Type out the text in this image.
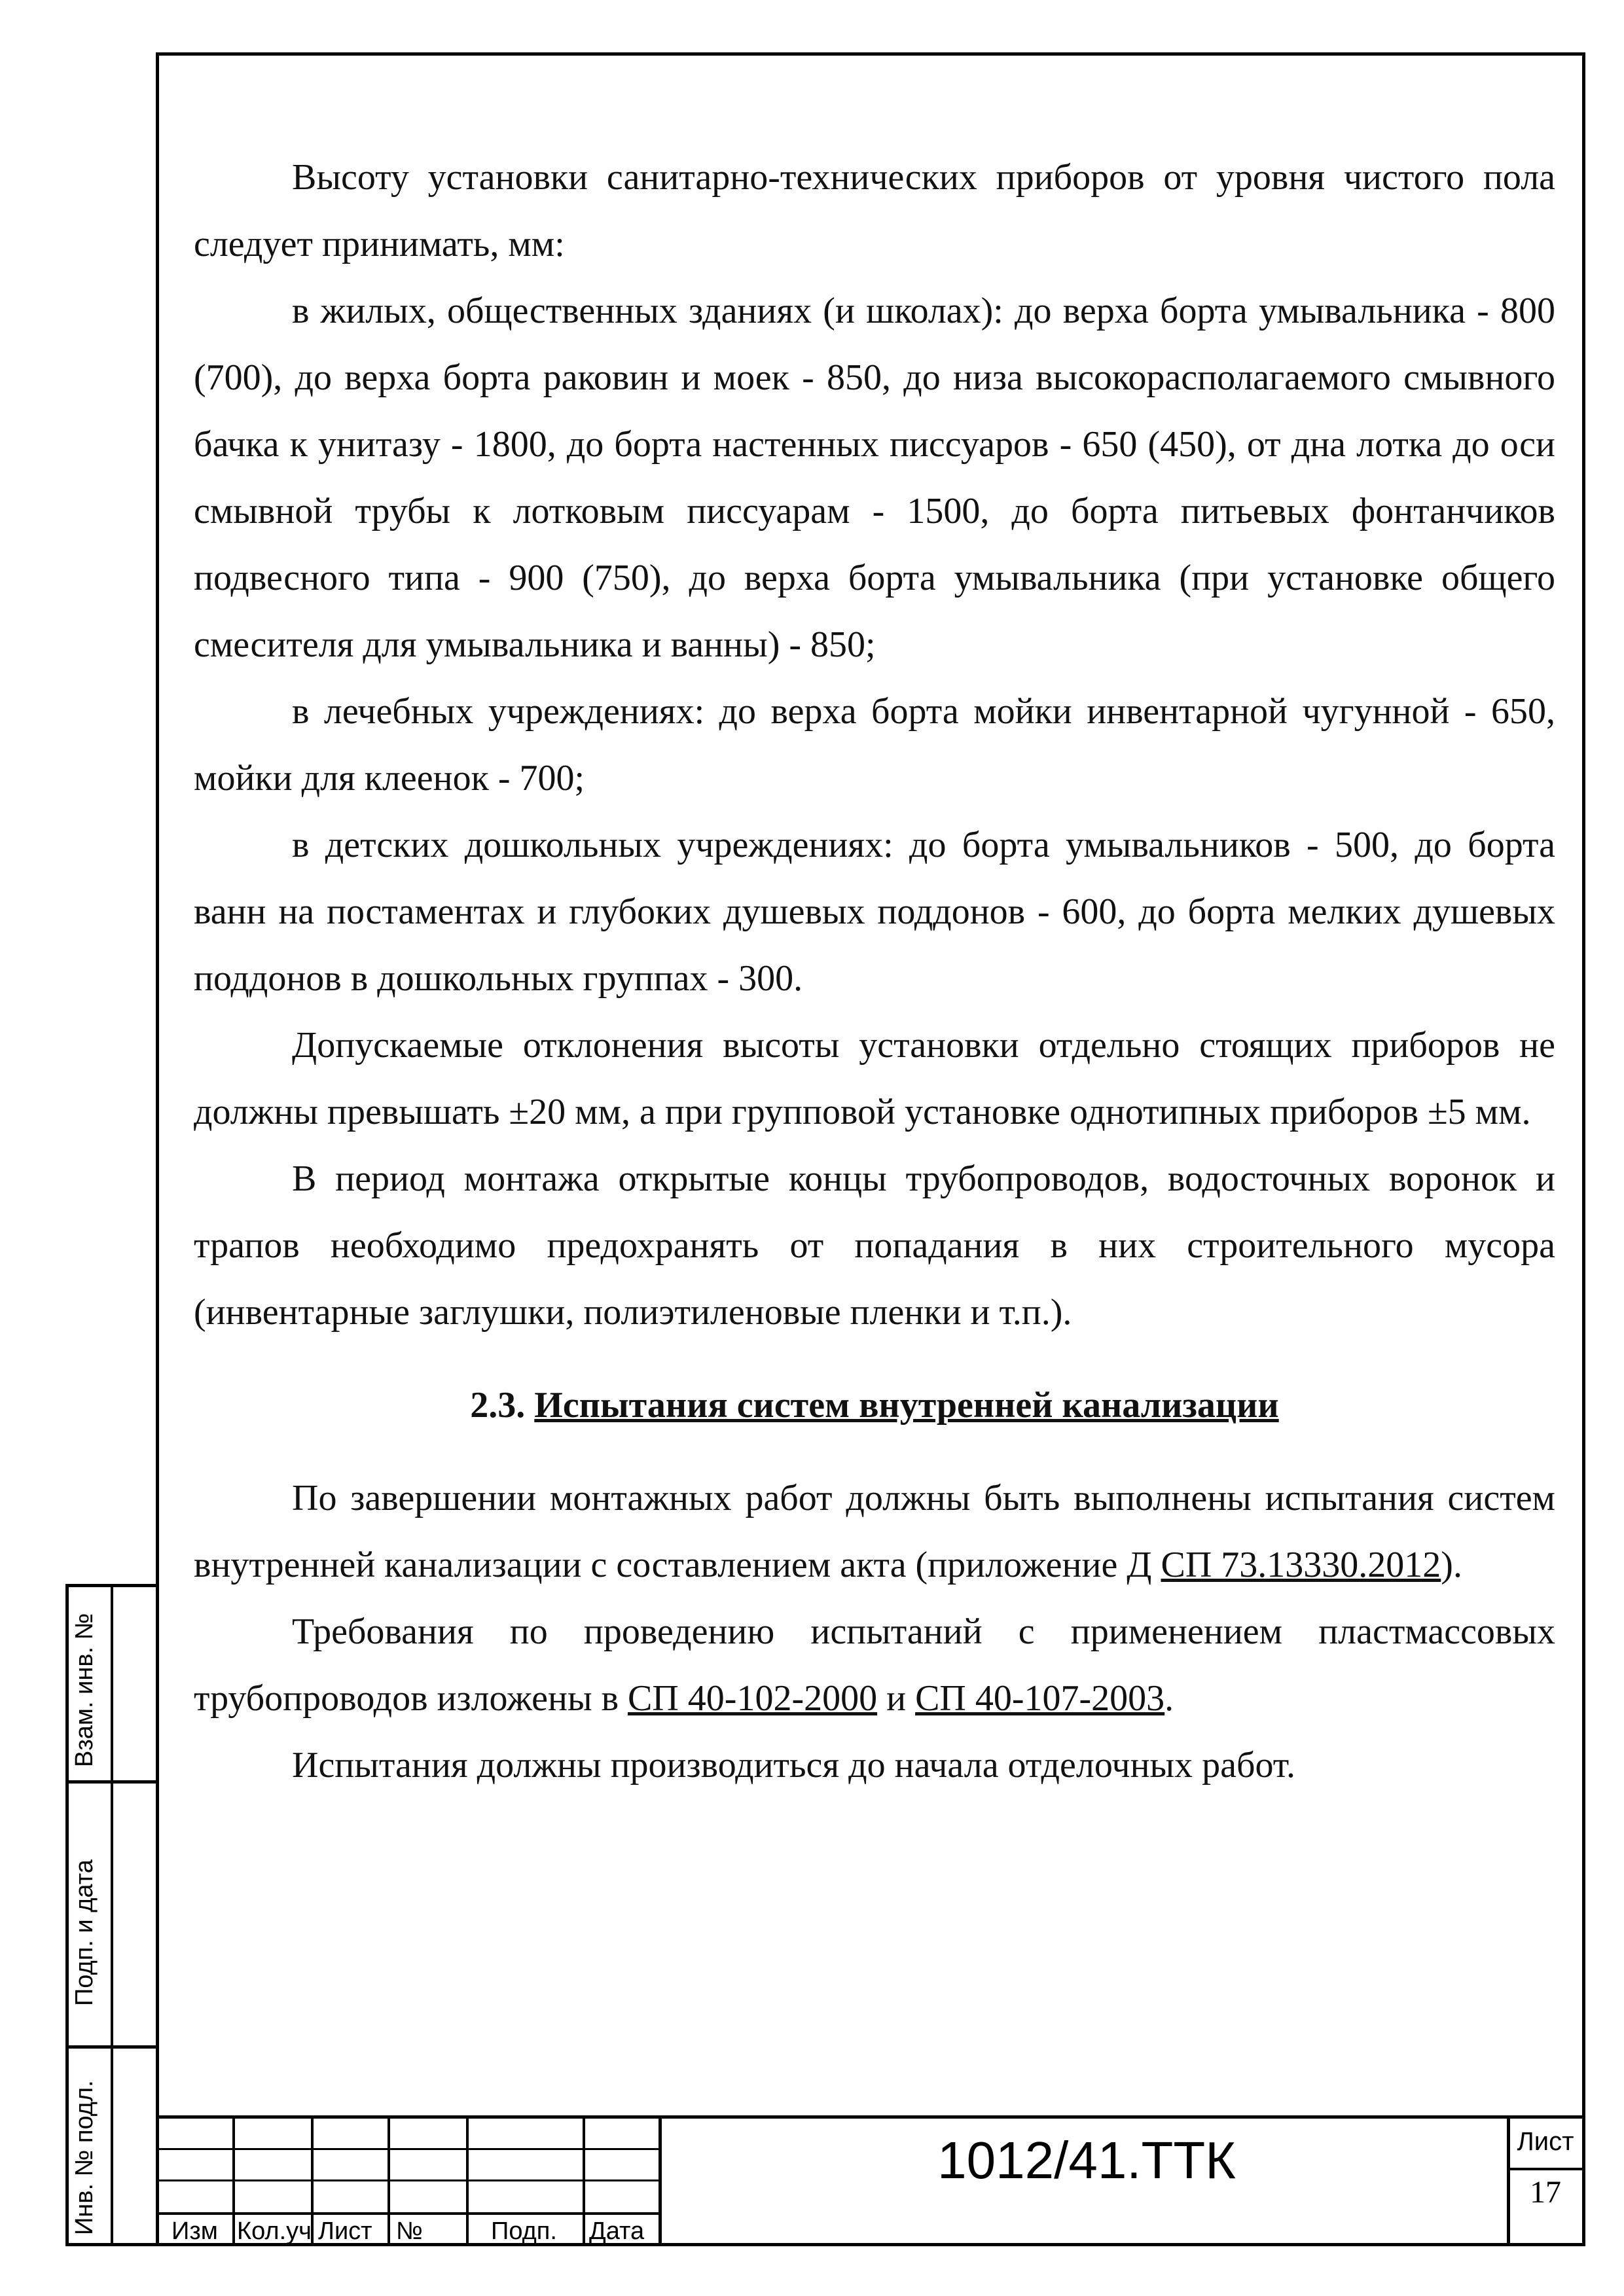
Высоту установки санитарно-технических приборов от уровня чистого пола следует принимать, мм:

в жилых, общественных зданиях (и школах): до верха борта умывальника - 800 (700), до верха борта раковин и моек - 850, до низа высокорасполагаемого смывного бачка к унитазу - 1800, до борта настенных писсуаров - 650 (450), от дна лотка до оси смывной трубы к лотковым писсуарам - 1500, до борта питьевых фонтанчиков подвесного типа - 900 (750), до верха борта умывальника (при установке общего смесителя для умывальника и ванны) - 850;

в лечебных учреждениях: до верха борта мойки инвентарной чугунной - 650, мойки для клеенок - 700;

в детских дошкольных учреждениях: до борта умывальников - 500, до борта ванн на постаментах и глубоких душевых поддонов - 600, до борта мелких душевых поддонов в дошкольных группах - 300.

Допускаемые отклонения высоты установки отдельно стоящих приборов не должны превышать ±20 мм, а при групповой установке однотипных приборов ±5 мм.

В период монтажа открытые концы трубопроводов, водосточных воронок и трапов необходимо предохранять от попадания в них строительного мусора (инвентарные заглушки, полиэтиленовые пленки и т.п.).

2.3. Испытания систем внутренней канализации

По завершении монтажных работ должны быть выполнены испытания систем внутренней канализации с составлением акта (приложение Д СП 73.13330.2012).

Требования по проведению испытаний с применением пластмассовых трубопроводов изложены в СП 40-102-2000 и СП 40-107-2003.

Испытания должны производиться до начала отделочных работ.

Взам. инв. №
Подп. и дата
Инв. № подл.	Изм Кол.уч Лист №	Подп. Дата
1012/41.ТТК	Лист
17
